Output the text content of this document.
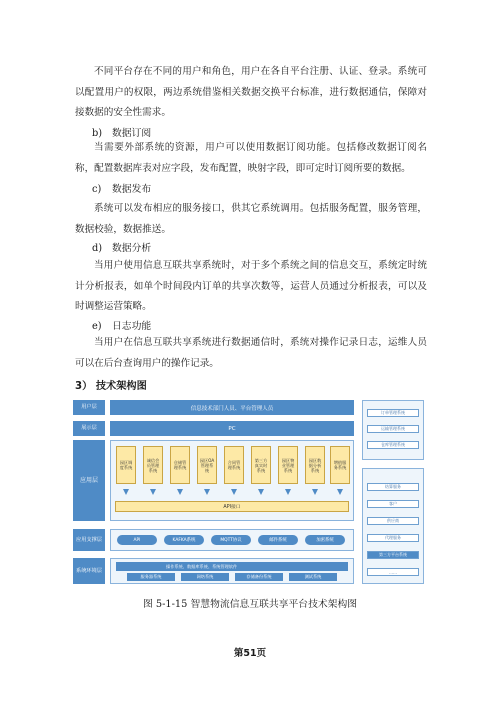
不同平台存在不同的用户和角色，用户在各自平台注册、认证、登录。系统可以配置用户的权限，两边系统借鉴相关数据交换平台标准，进行数据通信，保障对接数据的安全性需求。

b) 数据订阅

当需要外部系统的资源，用户可以使用数据订阅功能。包括修改数据订阅名称，配置数据库表对应字段，发布配置，映射字段，即可定时订阅所要的数据。

c) 数据发布

系统可以发布相应的服务接口，供其它系统调用。包括服务配置，服务管理，数据校验，数据推送。

d) 数据分析

当用户使用信息互联共享系统时，对于多个系统之间的信息交互，系统定时统计分析报表，如单个时间段内订单的共享次数等，运营人员通过分析报表，可以及时调整运营策略。

e) 日志功能

当用户在信息互联共享系统进行数据通信时，系统对操作记录日志，运维人员可以在后台查询用户的操作记录。

3） 技术架构图
用户层
展示层
应用层
应用支撑层
系统环境层
信息技术部门人员、平台管理人员
PC
园区调度系统
诚信会员管理系统
仓储管理系统
园区OA管理系统
合同管理系统
第三方真实时系统
园区物业管理系统
园区数据分析系统
增值服务系统
API接口
API	KAFKA系统	MQTT协议	邮件系统	加密系统
操作系统、数据库系统、系统管理软件
服务器系统	网络系统	存储备份系统	测试系统
订单管理系统
运输管理系统
仓库管理系统
结算服务
客户
供应商
代理服务
第三方平台系统
……
图 5-1-15 智慧物流信息互联共享平台技术架构图
第51页
